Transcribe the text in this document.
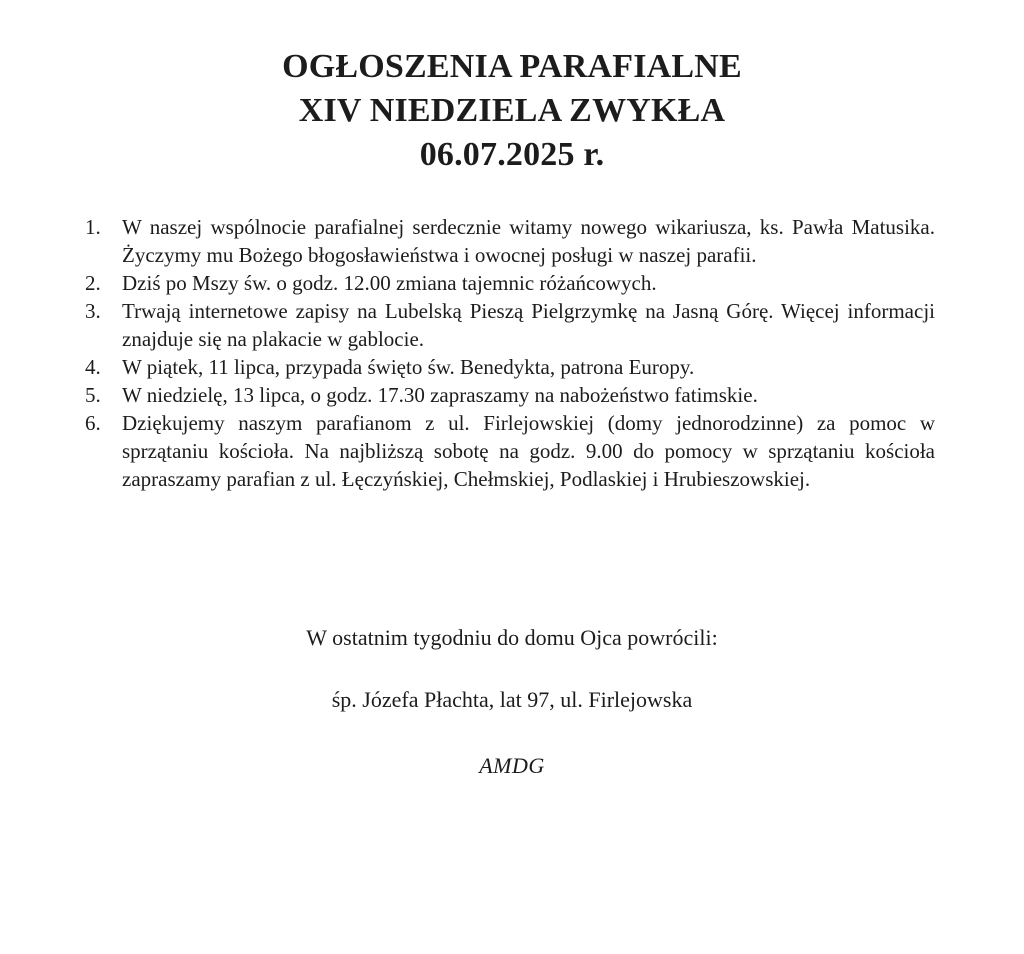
OGŁOSZENIA PARAFIALNE
XIV NIEDZIELA ZWYKŁA
06.07.2025 r.
1.	W naszej wspólnocie parafialnej serdecznie witamy nowego wikariusza, ks. Pawła Matusika. Życzymy mu Bożego błogosławieństwa i owocnej posługi w naszej parafii.
2.	Dziś po Mszy św. o godz. 12.00 zmiana tajemnic różańcowych.
3.	Trwają internetowe zapisy na Lubelską Pieszą Pielgrzymkę na Jasną Górę. Więcej informacji znajduje się na plakacie w gablocie.
4.	W piątek, 11 lipca, przypada święto św. Benedykta, patrona Europy.
5.	W niedzielę, 13 lipca, o godz. 17.30 zapraszamy na nabożeństwo fatimskie.
6.	Dziękujemy naszym parafianom z ul. Firlejowskiej (domy jednorodzinne) za pomoc w sprzątaniu kościoła. Na najbliższą sobotę na godz. 9.00 do pomocy w sprzątaniu kościoła zapraszamy parafian z ul. Łęczyńskiej, Chełmskiej, Podlaskiej i Hrubieszowskiej.

W ostatnim tygodniu do domu Ojca powrócili:

śp. Józefa Płachta, lat 97, ul. Firlejowska

AMDG
